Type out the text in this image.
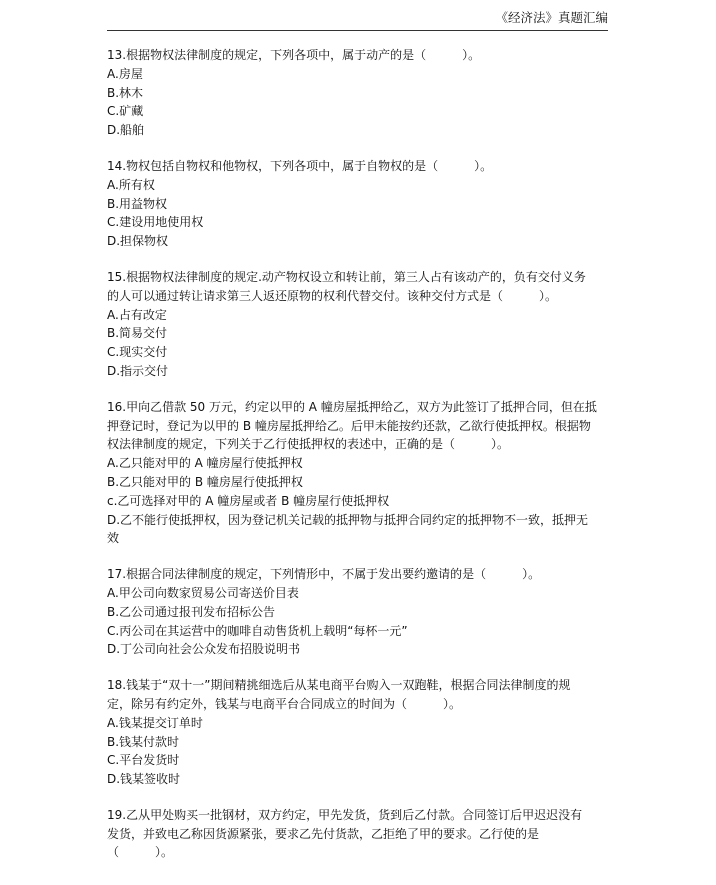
《经济法》真题汇编
13.根据物权法律制度的规定，下列各项中，属于动产的是（　　　）。
A.房屋
B.林木
C.矿藏
D.船舶
14.物权包括自物权和他物权，下列各项中，属于自物权的是（　　　）。
A.所有权
B.用益物权
C.建设用地使用权
D.担保物权
15.根据物权法律制度的规定.动产物权设立和转让前，第三人占有该动产的，负有交付义务
的人可以通过转让请求第三人返还原物的权利代替交付。该种交付方式是（　　　）。
A.占有改定
B.简易交付
C.现实交付
D.指示交付
16.甲向乙借款 50 万元，约定以甲的 A 幢房屋抵押给乙，双方为此签订了抵押合同，但在抵
押登记时，登记为以甲的 B 幢房屋抵押给乙。后甲未能按约还款，乙欲行使抵押权。根据物
权法律制度的规定，下列关于乙行使抵押权的表述中，正确的是（　　　）。
A.乙只能对甲的 A 幢房屋行使抵押权
B.乙只能对甲的 B 幢房屋行使抵押权
c.乙可选择对甲的 A 幢房屋或者 B 幢房屋行使抵押权
D.乙不能行使抵押权，因为登记机关记载的抵押物与抵押合同约定的抵押物不一致，抵押无
效
17.根据合同法律制度的规定，下列情形中，不属于发出要约邀请的是（　　　）。
A.甲公司向数家贸易公司寄送价目表
B.乙公司通过报刊发布招标公告
C.丙公司在其运营中的咖啡自动售货机上载明“每杯一元”
D.丁公司向社会公众发布招股说明书
18.钱某于“双十一”期间精挑细选后从某电商平台购入一双跑鞋，根据合同法律制度的规
定，除另有约定外，钱某与电商平台合同成立的时间为（　　　）。
A.钱某提交订单时
B.钱某付款时
C.平台发货时
D.钱某签收时
19.乙从甲处购买一批钢材，双方约定，甲先发货，货到后乙付款。合同签订后甲迟迟没有
发货，并致电乙称因货源紧张，要求乙先付货款，乙拒绝了甲的要求。乙行使的是
（　　　）。
